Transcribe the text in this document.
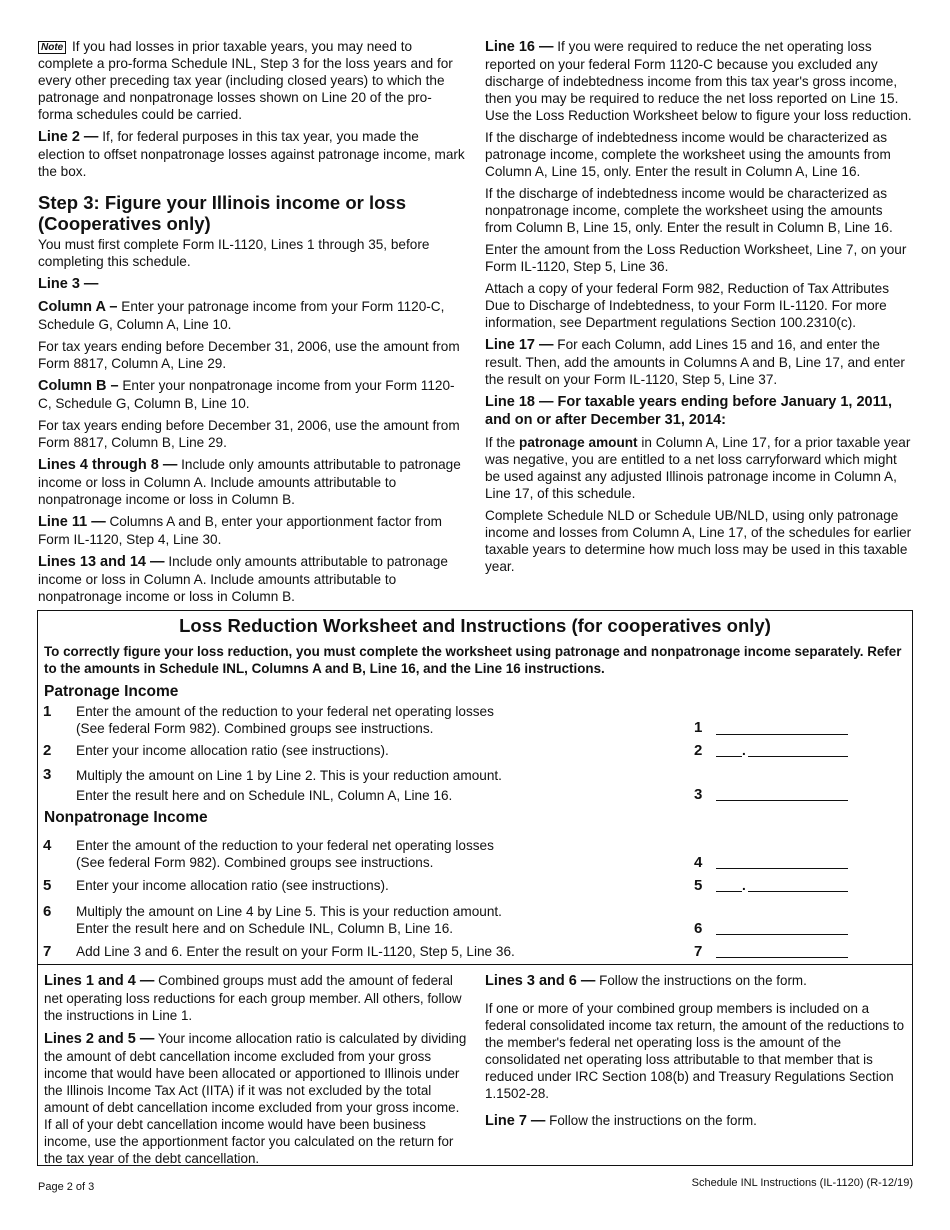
Note If you had losses in prior taxable years, you may need to complete a pro-forma Schedule INL, Step 3 for the loss years and for every other preceding tax year (including closed years) to which the patronage and nonpatronage losses shown on Line 20 of the pro-forma schedules could be carried.

Line 2 — If, for federal purposes in this tax year, you made the election to offset nonpatronage losses against patronage income, mark the box.

Step 3: Figure your Illinois income or loss (Cooperatives only)

You must first complete Form IL-1120, Lines 1 through 35, before completing this schedule.

Line 3 —

Column A – Enter your patronage income from your Form 1120-C, Schedule G, Column A, Line 10.

For tax years ending before December 31, 2006, use the amount from Form 8817, Column A, Line 29.

Column B – Enter your nonpatronage income from your Form 1120-C, Schedule G, Column B, Line 10.

For tax years ending before December 31, 2006, use the amount from Form 8817, Column B, Line 29.

Lines 4 through 8 — Include only amounts attributable to patronage income or loss in Column A. Include amounts attributable to nonpatronage income or loss in Column B.

Line 11 — Columns A and B, enter your apportionment factor from Form IL-1120, Step 4, Line 30.

Lines 13 and 14 — Include only amounts attributable to patronage income or loss in Column A. Include amounts attributable to nonpatronage income or loss in Column B.

Line 16 — If you were required to reduce the net operating loss reported on your federal Form 1120-C because you excluded any discharge of indebtedness income from this tax year's gross income, then you may be required to reduce the net loss reported on Line 15. Use the Loss Reduction Worksheet below to figure your loss reduction.

If the discharge of indebtedness income would be characterized as patronage income, complete the worksheet using the amounts from Column A, Line 15, only. Enter the result in Column A, Line 16.

If the discharge of indebtedness income would be characterized as nonpatronage income, complete the worksheet using the amounts from Column B, Line 15, only. Enter the result in Column B, Line 16.

Enter the amount from the Loss Reduction Worksheet, Line 7, on your Form IL-1120, Step 5, Line 36.

Attach a copy of your federal Form 982, Reduction of Tax Attributes Due to Discharge of Indebtedness, to your Form IL-1120. For more information, see Department regulations Section 100.2310(c).

Line 17 — For each Column, add Lines 15 and 16, and enter the result. Then, add the amounts in Columns A and B, Line 17, and enter the result on your Form IL-1120, Step 5, Line 37.

Line 18 — For taxable years ending before January 1, 2011, and on or after December 31, 2014:

If the patronage amount in Column A, Line 17, for a prior taxable year was negative, you are entitled to a net loss carryforward which might be used against any adjusted Illinois patronage income in Column A, Line 17, of this schedule.

Complete Schedule NLD or Schedule UB/NLD, using only patronage income and losses from Column A, Line 17, of the schedules for earlier taxable years to determine how much loss may be used in this taxable year.

Loss Reduction Worksheet and Instructions (for cooperatives only)
To correctly figure your loss reduction, you must complete the worksheet using patronage and nonpatronage income separately. Refer to the amounts in Schedule INL, Columns A and B, Line 16, and the Line 16 instructions.
Patronage Income
1 Enter the amount of the reduction to your federal net operating losses
(See federal Form 982). Combined groups see instructions.	1
2 Enter your income allocation ratio (see instructions).	2	.
3 Multiply the amount on Line 1 by Line 2. This is your reduction amount.
Enter the result here and on Schedule INL, Column A, Line 16.	3
Nonpatronage Income
4 Enter the amount of the reduction to your federal net operating losses
(See federal Form 982). Combined groups see instructions.	4
5 Enter your income allocation ratio (see instructions).	5	.
6 Multiply the amount on Line 4 by Line 5. This is your reduction amount.
Enter the result here and on Schedule INL, Column B, Line 16.	6
7 Add Line 3 and 6. Enter the result on your Form IL-1120, Step 5, Line 36.	7

Lines 1 and 4 — Combined groups must add the amount of federal net operating loss reductions for each group member. All others, follow the instructions in Line 1.

Lines 2 and 5 — Your income allocation ratio is calculated by dividing the amount of debt cancellation income excluded from your gross income that would have been allocated or apportioned to Illinois under the Illinois Income Tax Act (IITA) if it was not excluded by the total amount of debt cancellation income excluded from your gross income. If all of your debt cancellation income would have been business income, use the apportionment factor you calculated on the return for the tax year of the debt cancellation.

Lines 3 and 6 — Follow the instructions on the form.

If one or more of your combined group members is included on a federal consolidated income tax return, the amount of the reductions to the member's federal net operating loss is the amount of the consolidated net operating loss attributable to that member that is reduced under IRC Section 108(b) and Treasury Regulations Section 1.1502-28.

Line 7 — Follow the instructions on the form.

Page 2 of 3	Schedule INL Instructions (IL-1120) (R-12/19)
